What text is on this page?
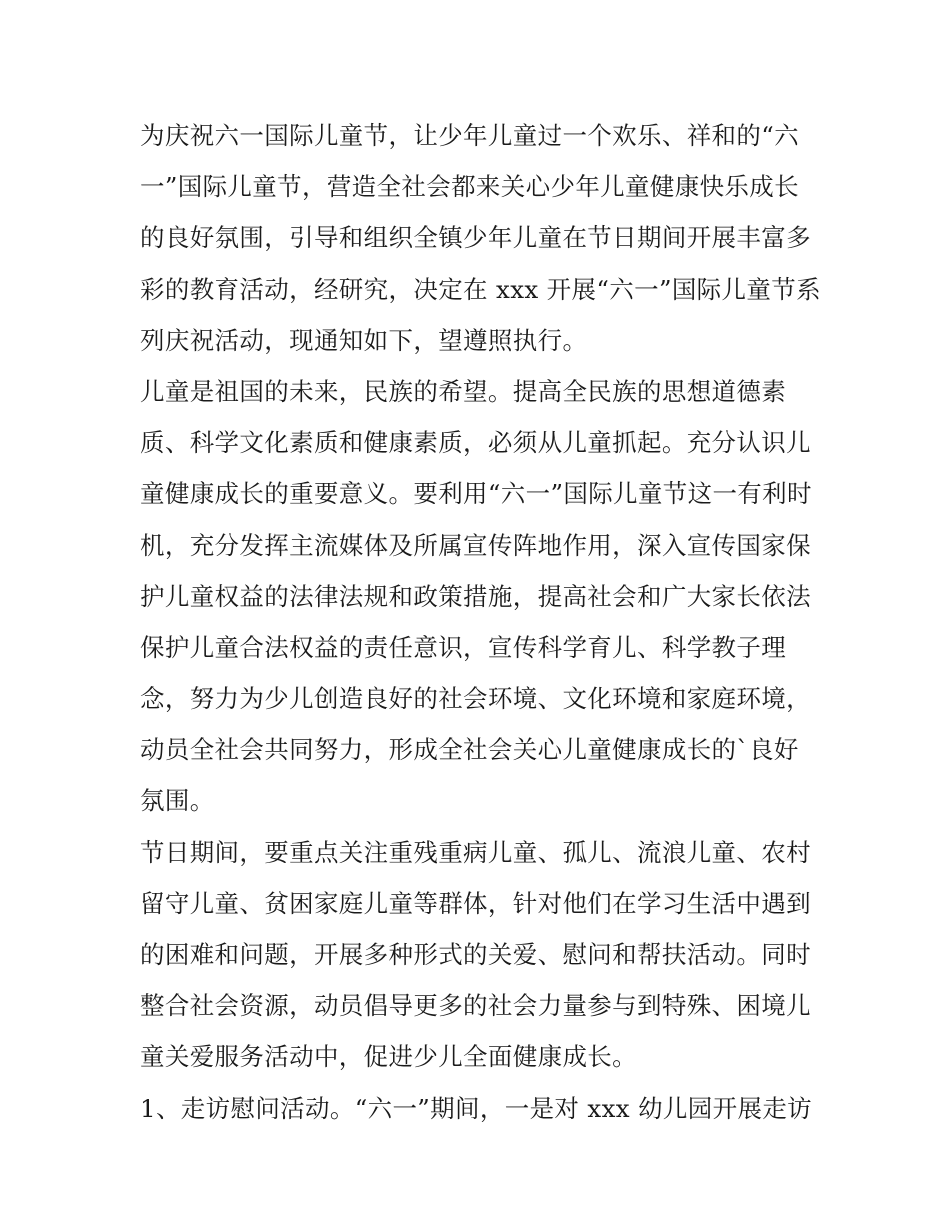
为庆祝六一国际儿童节，让少年儿童过一个欢乐、祥和的“六
一”国际儿童节，营造全社会都来关心少年儿童健康快乐成长
的良好氛围，引导和组织全镇少年儿童在节日期间开展丰富多
彩的教育活动，经研究，决定在 xxx 开展“六一”国际儿童节系
列庆祝活动，现通知如下，望遵照执行。
儿童是祖国的未来，民族的希望。提高全民族的思想道德素
质、科学文化素质和健康素质，必须从儿童抓起。充分认识儿
童健康成长的重要意义。要利用“六一”国际儿童节这一有利时
机，充分发挥主流媒体及所属宣传阵地作用，深入宣传国家保
护儿童权益的法律法规和政策措施，提高社会和广大家长依法
保护儿童合法权益的责任意识，宣传科学育儿、科学教子理
念，努力为少儿创造良好的社会环境、文化环境和家庭环境，
动员全社会共同努力，形成全社会关心儿童健康成长的`良好
氛围。
节日期间，要重点关注重残重病儿童、孤儿、流浪儿童、农村
留守儿童、贫困家庭儿童等群体，针对他们在学习生活中遇到
的困难和问题，开展多种形式的关爱、慰问和帮扶活动。同时
整合社会资源，动员倡导更多的社会力量参与到特殊、困境儿
童关爱服务活动中，促进少儿全面健康成长。
1、走访慰问活动。“六一”期间，一是对 xxx 幼儿园开展走访
